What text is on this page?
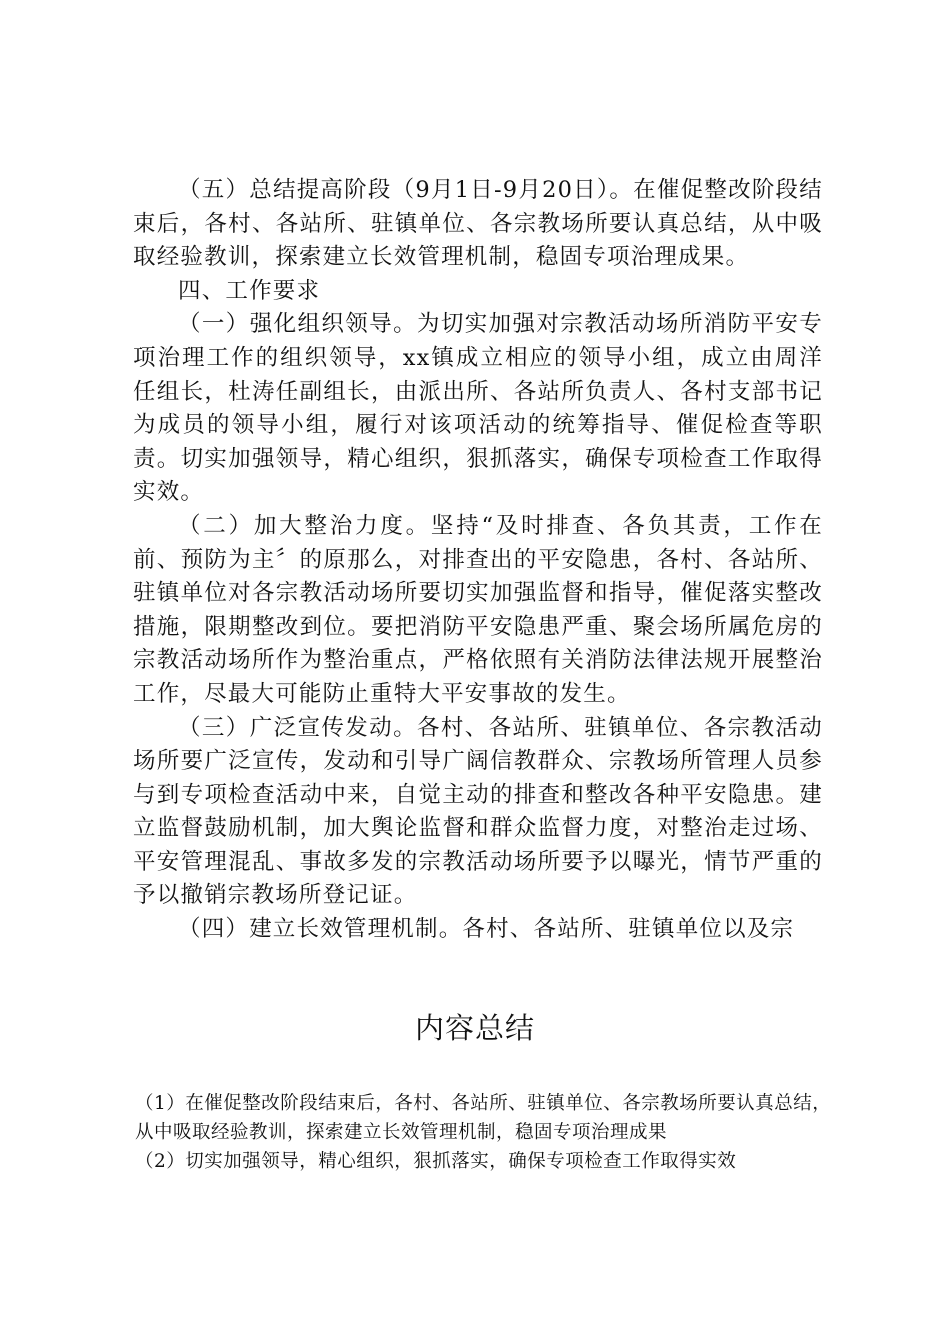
（五）总结提高阶段（9月1日-9月20日）。在催促整改阶段结束后，各村、各站所、驻镇单位、各宗教场所要认真总结，从中吸取经验教训，探索建立长效管理机制，稳固专项治理成果。

四、工作要求

（一）强化组织领导。为切实加强对宗教活动场所消防平安专项治理工作的组织领导，xx镇成立相应的领导小组，成立由周洋任组长，杜涛任副组长，由派出所、各站所负责人、各村支部书记为成员的领导小组，履行对该项活动的统筹指导、催促检查等职责。切实加强领导，精心组织，狠抓落实，确保专项检查工作取得实效。

（二）加大整治力度。坚持“及时排查、各负其责，工作在前、预防为主〞的原那么，对排查出的平安隐患，各村、各站所、驻镇单位对各宗教活动场所要切实加强监督和指导，催促落实整改措施，限期整改到位。要把消防平安隐患严重、聚会场所属危房的宗教活动场所作为整治重点，严格依照有关消防法律法规开展整治工作，尽最大可能防止重特大平安事故的发生。

（三）广泛宣传发动。各村、各站所、驻镇单位、各宗教活动场所要广泛宣传，发动和引导广阔信教群众、宗教场所管理人员参与到专项检查活动中来，自觉主动的排查和整改各种平安隐患。建立监督鼓励机制，加大舆论监督和群众监督力度，对整治走过场、平安管理混乱、事故多发的宗教活动场所要予以曝光，情节严重的予以撤销宗教场所登记证。

（四）建立长效管理机制。各村、各站所、驻镇单位以及宗

内容总结

（1）在催促整改阶段结束后，各村、各站所、驻镇单位、各宗教场所要认真总结，从中吸取经验教训，探索建立长效管理机制，稳固专项治理成果

（2）切实加强领导，精心组织，狠抓落实，确保专项检查工作取得实效
